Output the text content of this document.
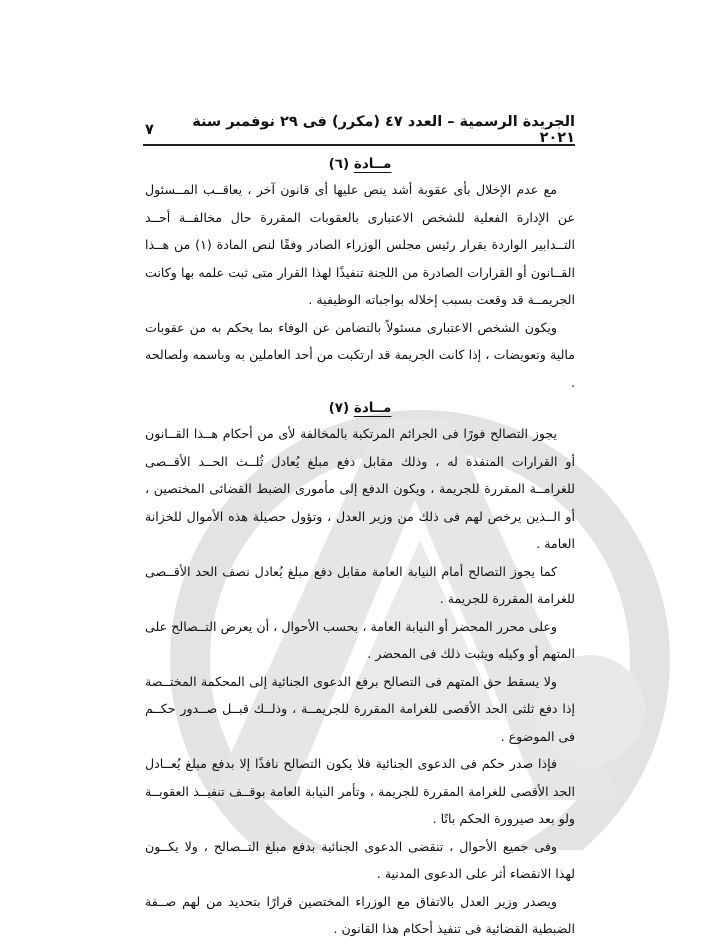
الجريدة الرسمية – العدد ٤٧ (مكرر) فى ٢٩ نوفمبر سنة ٢٠٢١
٧
مــادة (٦)

مع عدم الإخلال بأى عقوبة أشد ينص عليها أى قانون آخر ، يعاقــب المــسئول عن الإدارة الفعلية للشخص الاعتبارى بالعقوبات المقررة حال مخالفــة أحــد التــدابير الواردة بقرار رئيس مجلس الوزراء الصادر وفقًا لنص المادة (١) من هــذا القــانون أو القرارات الصادرة من اللجنة تنفيذًا لهذا القرار متى ثبت علمه بها وكانت الجريمــة قد وقعت بسبب إخلاله بواجباته الوظيفية .

ويكون الشخص الاعتبارى مسئولاً بالتضامن عن الوفاء بما يحكم به من عقوبات مالية وتعويضات ، إذا كانت الجريمة قد ارتكبت من أحد العاملين به وباسمه ولصالحه .

مــادة (٧)

يجوز التصالح فورًا فى الجرائم المرتكبة بالمخالفة لأى من أحكام هــذا القــانون أو القرارات المنفذة له ، وذلك مقابل دفع مبلغ يُعادل ثُلــث الحــد الأقــصى للغرامــة المقررة للجريمة ، ويكون الدفع إلى مأمورى الضبط القضائى المختصين ، أو الــذين يرخص لهم فى ذلك من وزير العدل ، وتؤول حصيلة هذه الأموال للخزانة العامة .

كما يجوز التصالح أمام النيابة العامة مقابل دفع مبلغ يُعادل نصف الحد الأقــصى للغرامة المقررة للجريمة .

وعلى محرر المحضر أو النيابة العامة ، بحسب الأحوال ، أن يعرض التــصالح على المتهم أو وكيله ويثبت ذلك فى المحضر .

ولا يسقط حق المتهم فى التصالح برفع الدعوى الجنائية إلى المحكمة المختــصة إذا دفع ثلثى الحد الأقصى للغرامة المقررة للجريمــة ، وذلــك قبــل صــدور حكــم فى الموضوع .

فإذا صدر حكم فى الدعوى الجنائية فلا يكون التصالح نافذًا إلا بدفع مبلغ يُعــادل الحد الأقصى للغرامة المقررة للجريمة ، وتأمر النيابة العامة بوقــف تنفيــذ العقوبــة ولو بعد صيرورة الحكم باتًا .

وفى جميع الأحوال ، تنقضى الدعوى الجنائية بدفع مبلغ التــصالح ، ولا يكــون لهذا الانقضاء أثر على الدعوى المدنية .

ويصدر وزير العدل بالاتفاق مع الوزراء المختصين قرارًا بتحديد من لهم صــفة الضبطية القضائية فى تنفيذ أحكام هذا القانون .
